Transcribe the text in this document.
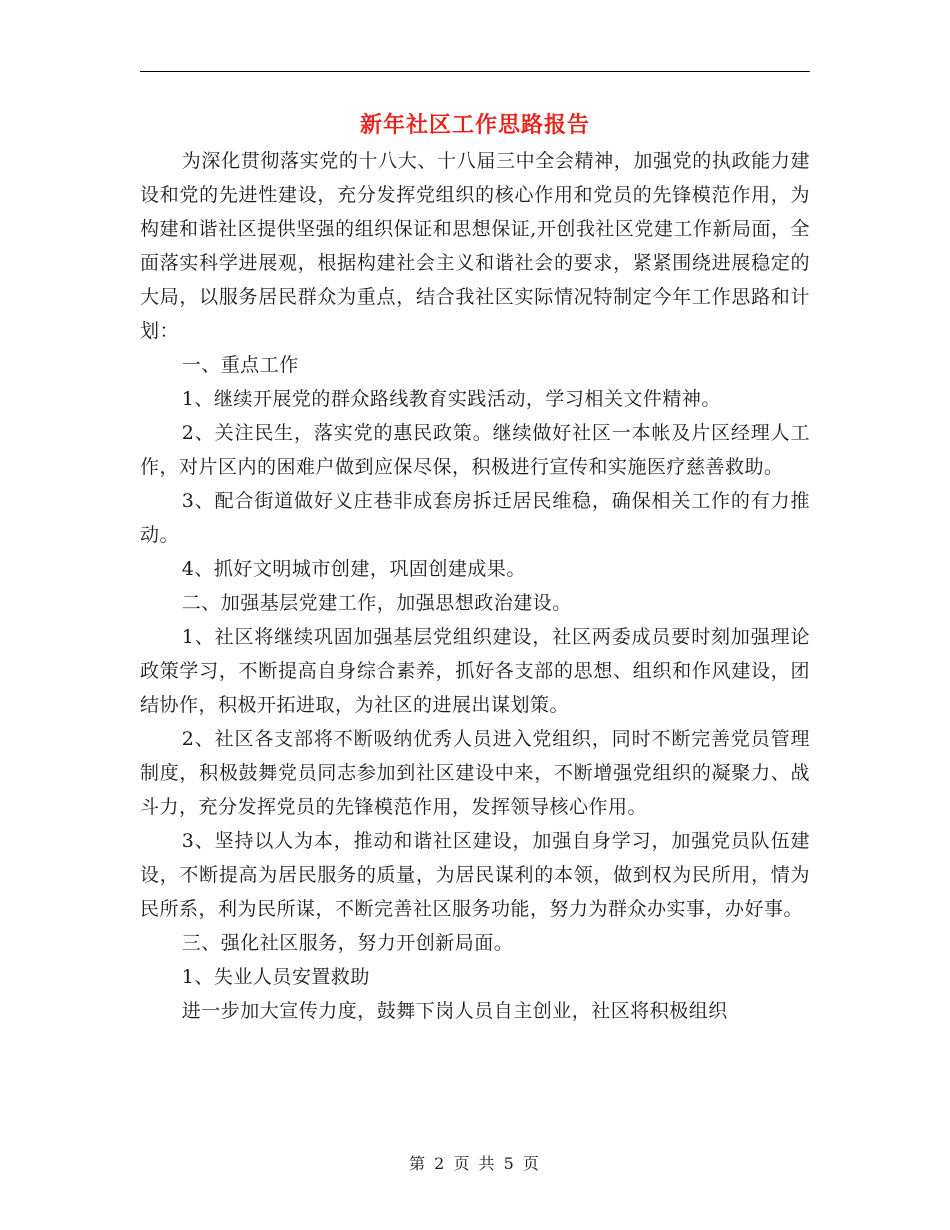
新年社区工作思路报告

为深化贯彻落实党的十八大、十八届三中全会精神，加强党的执政能力建设和党的先进性建设，充分发挥党组织的核心作用和党员的先锋模范作用，为构建和谐社区提供坚强的组织保证和思想保证,开创我社区党建工作新局面，全面落实科学进展观，根据构建社会主义和谐社会的要求，紧紧围绕进展稳定的大局，以服务居民群众为重点，结合我社区实际情况特制定今年工作思路和计划：

一、重点工作

1、继续开展党的群众路线教育实践活动，学习相关文件精神。

2、关注民生，落实党的惠民政策。继续做好社区一本帐及片区经理人工作，对片区内的困难户做到应保尽保，积极进行宣传和实施医疗慈善救助。

3、配合街道做好义庄巷非成套房拆迁居民维稳，确保相关工作的有力推动。

4、抓好文明城市创建，巩固创建成果。

二、加强基层党建工作，加强思想政治建设。

1、社区将继续巩固加强基层党组织建设，社区两委成员要时刻加强理论政策学习，不断提高自身综合素养，抓好各支部的思想、组织和作风建设，团结协作，积极开拓进取，为社区的进展出谋划策。

2、社区各支部将不断吸纳优秀人员进入党组织，同时不断完善党员管理制度，积极鼓舞党员同志参加到社区建设中来，不断增强党组织的凝聚力、战斗力，充分发挥党员的先锋模范作用，发挥领导核心作用。

3、坚持以人为本，推动和谐社区建设，加强自身学习，加强党员队伍建设，不断提高为居民服务的质量，为居民谋利的本领，做到权为民所用，情为民所系，利为民所谋，不断完善社区服务功能，努力为群众办实事，办好事。

三、强化社区服务，努力开创新局面。

1、失业人员安置救助

进一步加大宣传力度，鼓舞下岗人员自主创业，社区将积极组织

第 2 页 共 5 页
